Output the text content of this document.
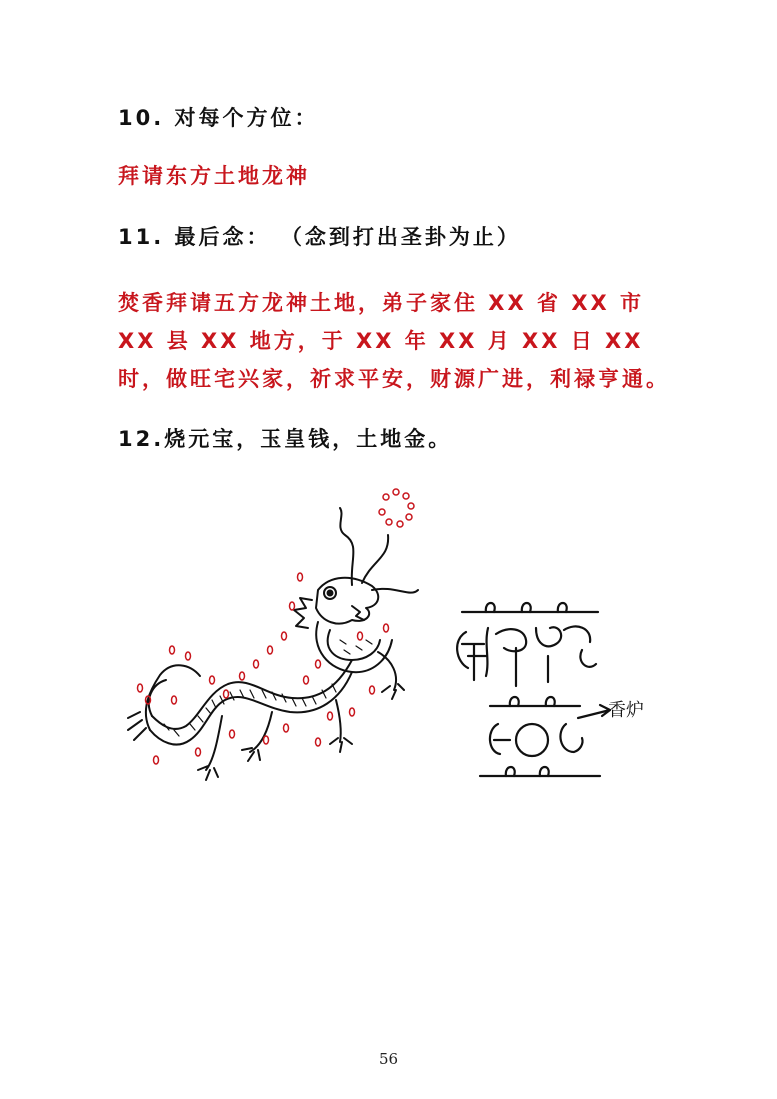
10. 对每个方位：
拜请东方土地龙神
11. 最后念： （念到打出圣卦为止）

焚香拜请五方龙神土地，弟子家住 XX 省 XX 市 XX 县 XX 地方，于 XX 年 XX 月 XX 日 XX 时，做旺宅兴家，祈求平安，财源广进，利禄亨通。

12.烧元宝，玉皇钱，土地金。
香炉
56
